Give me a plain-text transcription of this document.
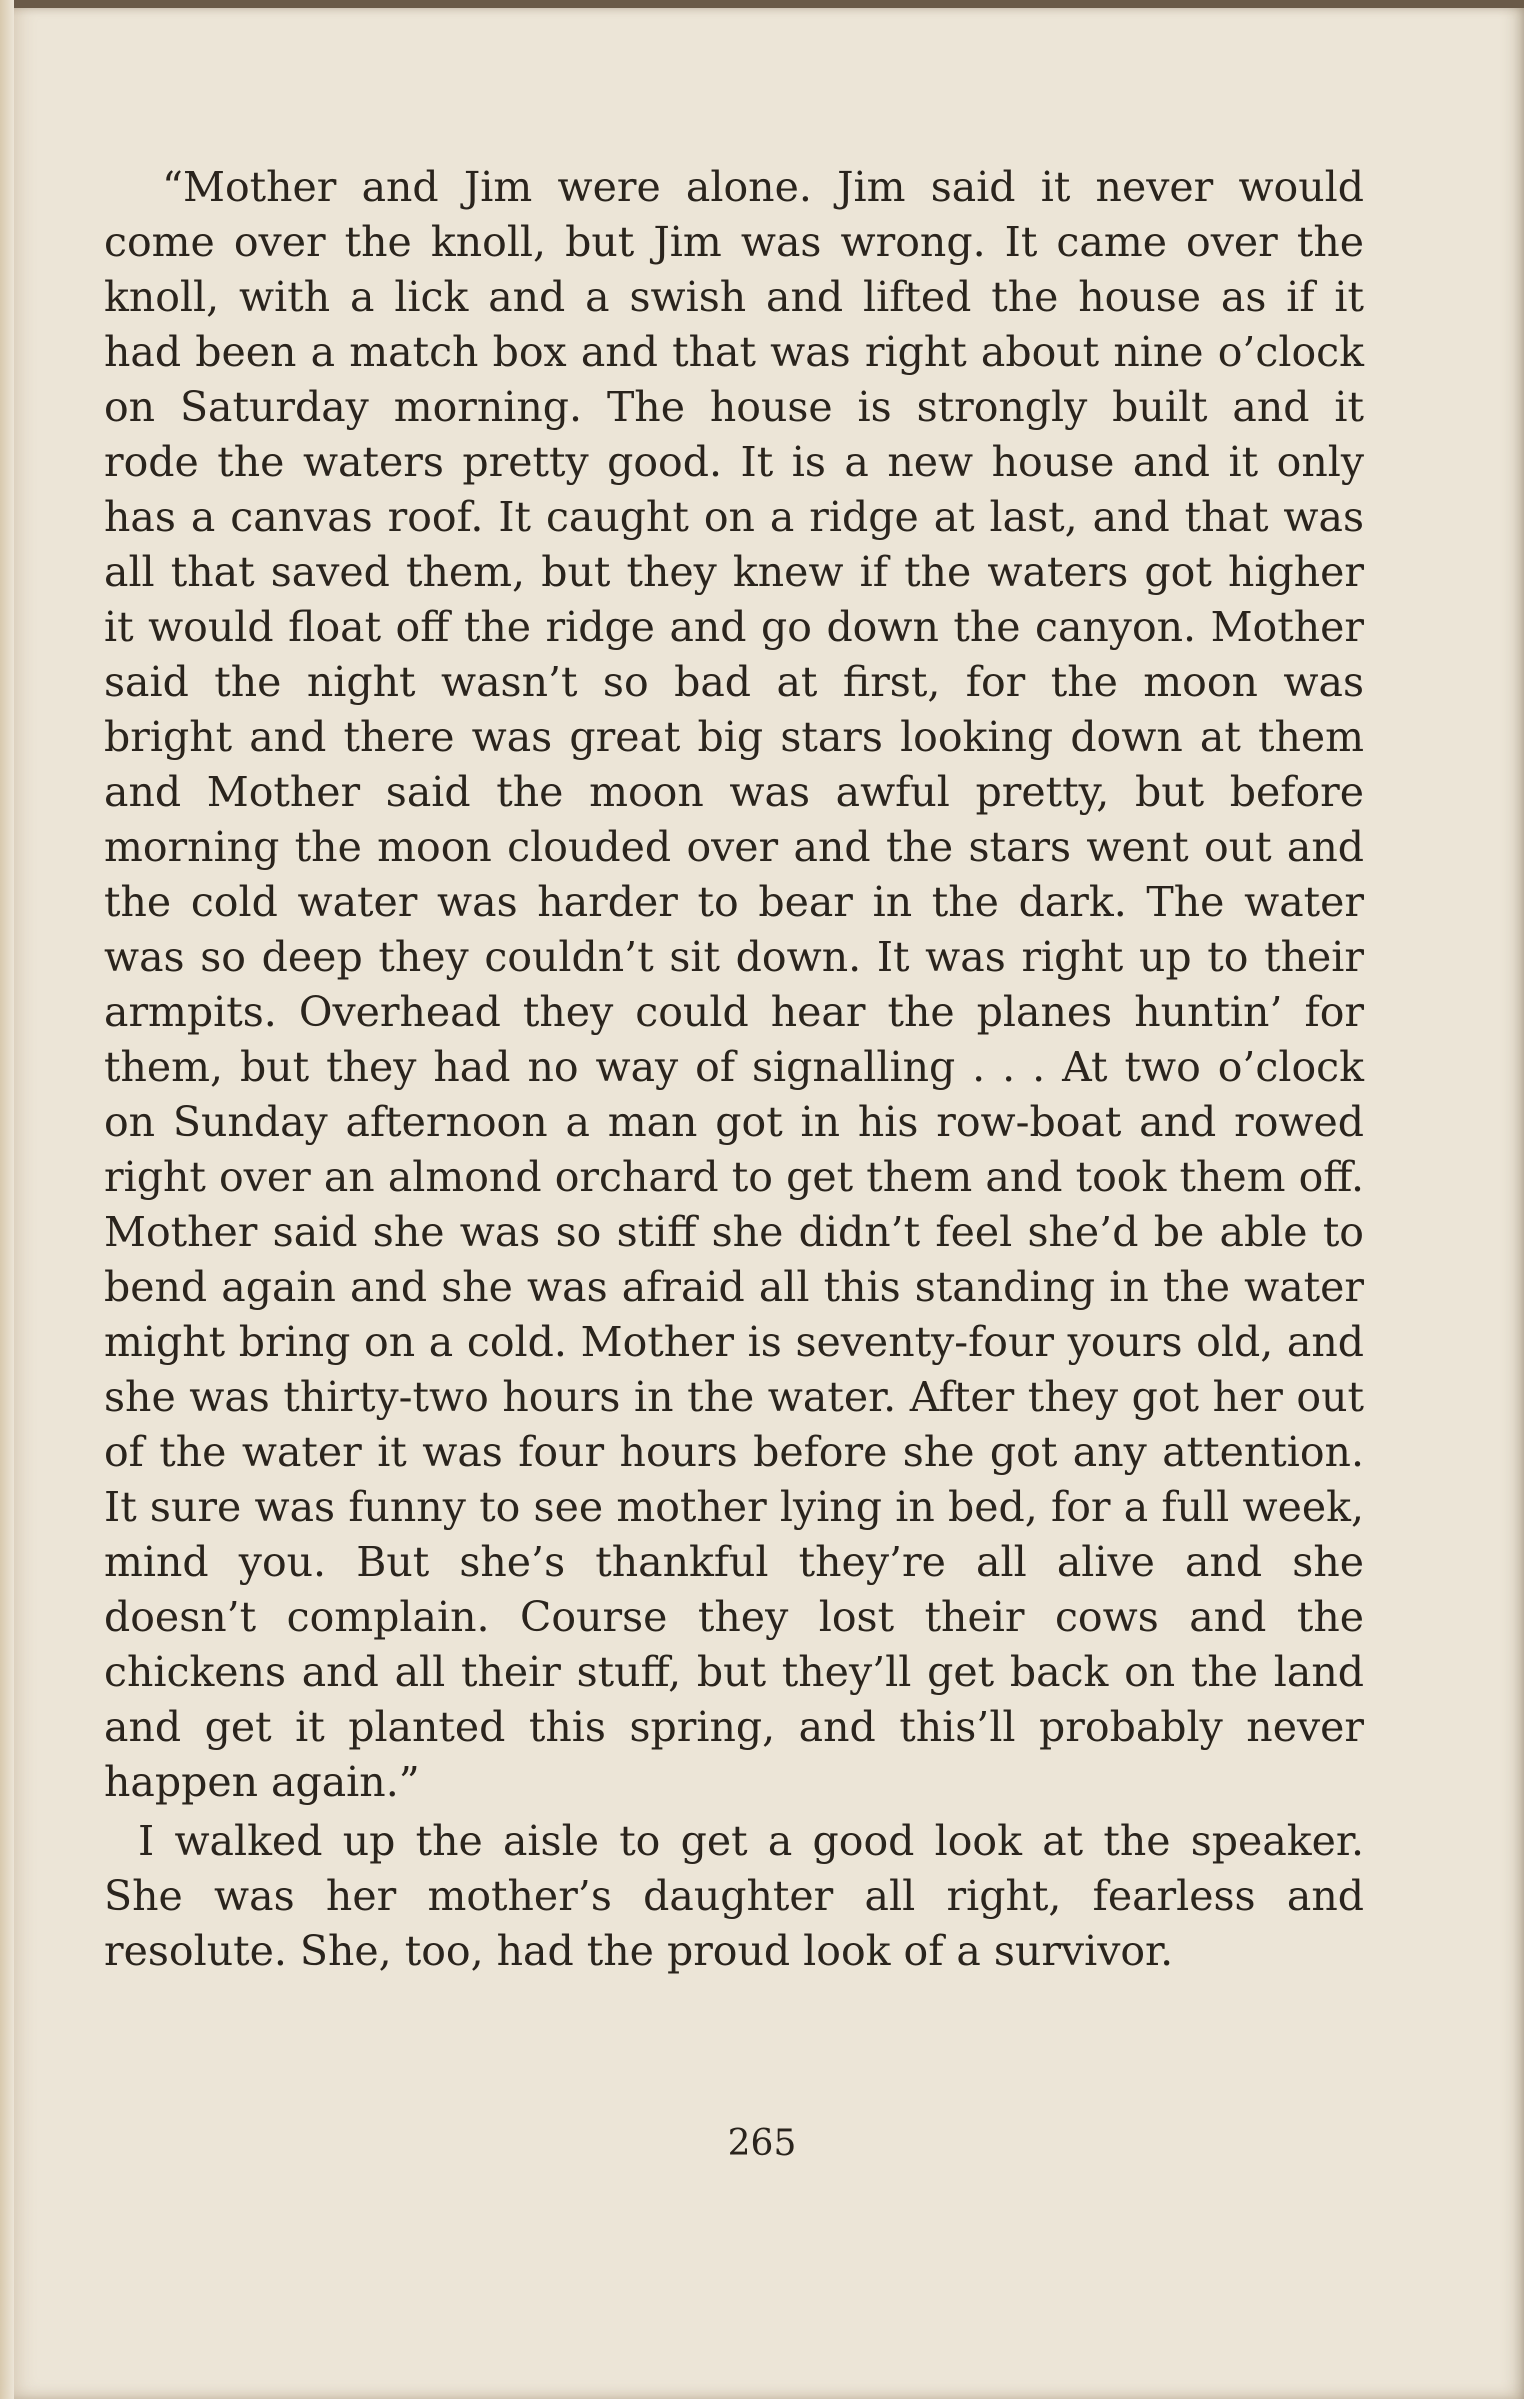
“Mother and Jim were alone. Jim said it never would come over the knoll, but Jim was wrong. It came over the knoll, with a lick and a swish and lifted the house as if it had been a match box and that was right about nine o’clock on Saturday morning. The house is strongly built and it rode the waters pretty good. It is a new house and it only has a canvas roof. It caught on a ridge at last, and that was all that saved them, but they knew if the waters got higher it would float off the ridge and go down the canyon. Mother said the night wasn’t so bad at first, for the moon was bright and there was great big stars looking down at them and Mother said the moon was awful pretty, but before morning the moon clouded over and the stars went out and the cold water was harder to bear in the dark. The water was so deep they couldn’t sit down. It was right up to their armpits. Overhead they could hear the planes huntin’ for them, but they had no way of signalling . . . At two o’clock on Sunday afternoon a man got in his row-boat and rowed right over an almond orchard to get them and took them off. Mother said she was so stiff she didn’t feel she’d be able to bend again and she was afraid all this standing in the water might bring on a cold. Mother is seventy-four yours old, and she was thirty-two hours in the water. After they got her out of the water it was four hours before she got any attention. It sure was funny to see mother lying in bed, for a full week, mind you. But she’s thankful they’re all alive and she doesn’t complain. Course they lost their cows and the chickens and all their stuff, but they’ll get back on the land and get it planted this spring, and this’ll probably never happen again.”

I walked up the aisle to get a good look at the speaker. She was her mother’s daughter all right, fearless and resolute. She, too, had the proud look of a survivor.

265
